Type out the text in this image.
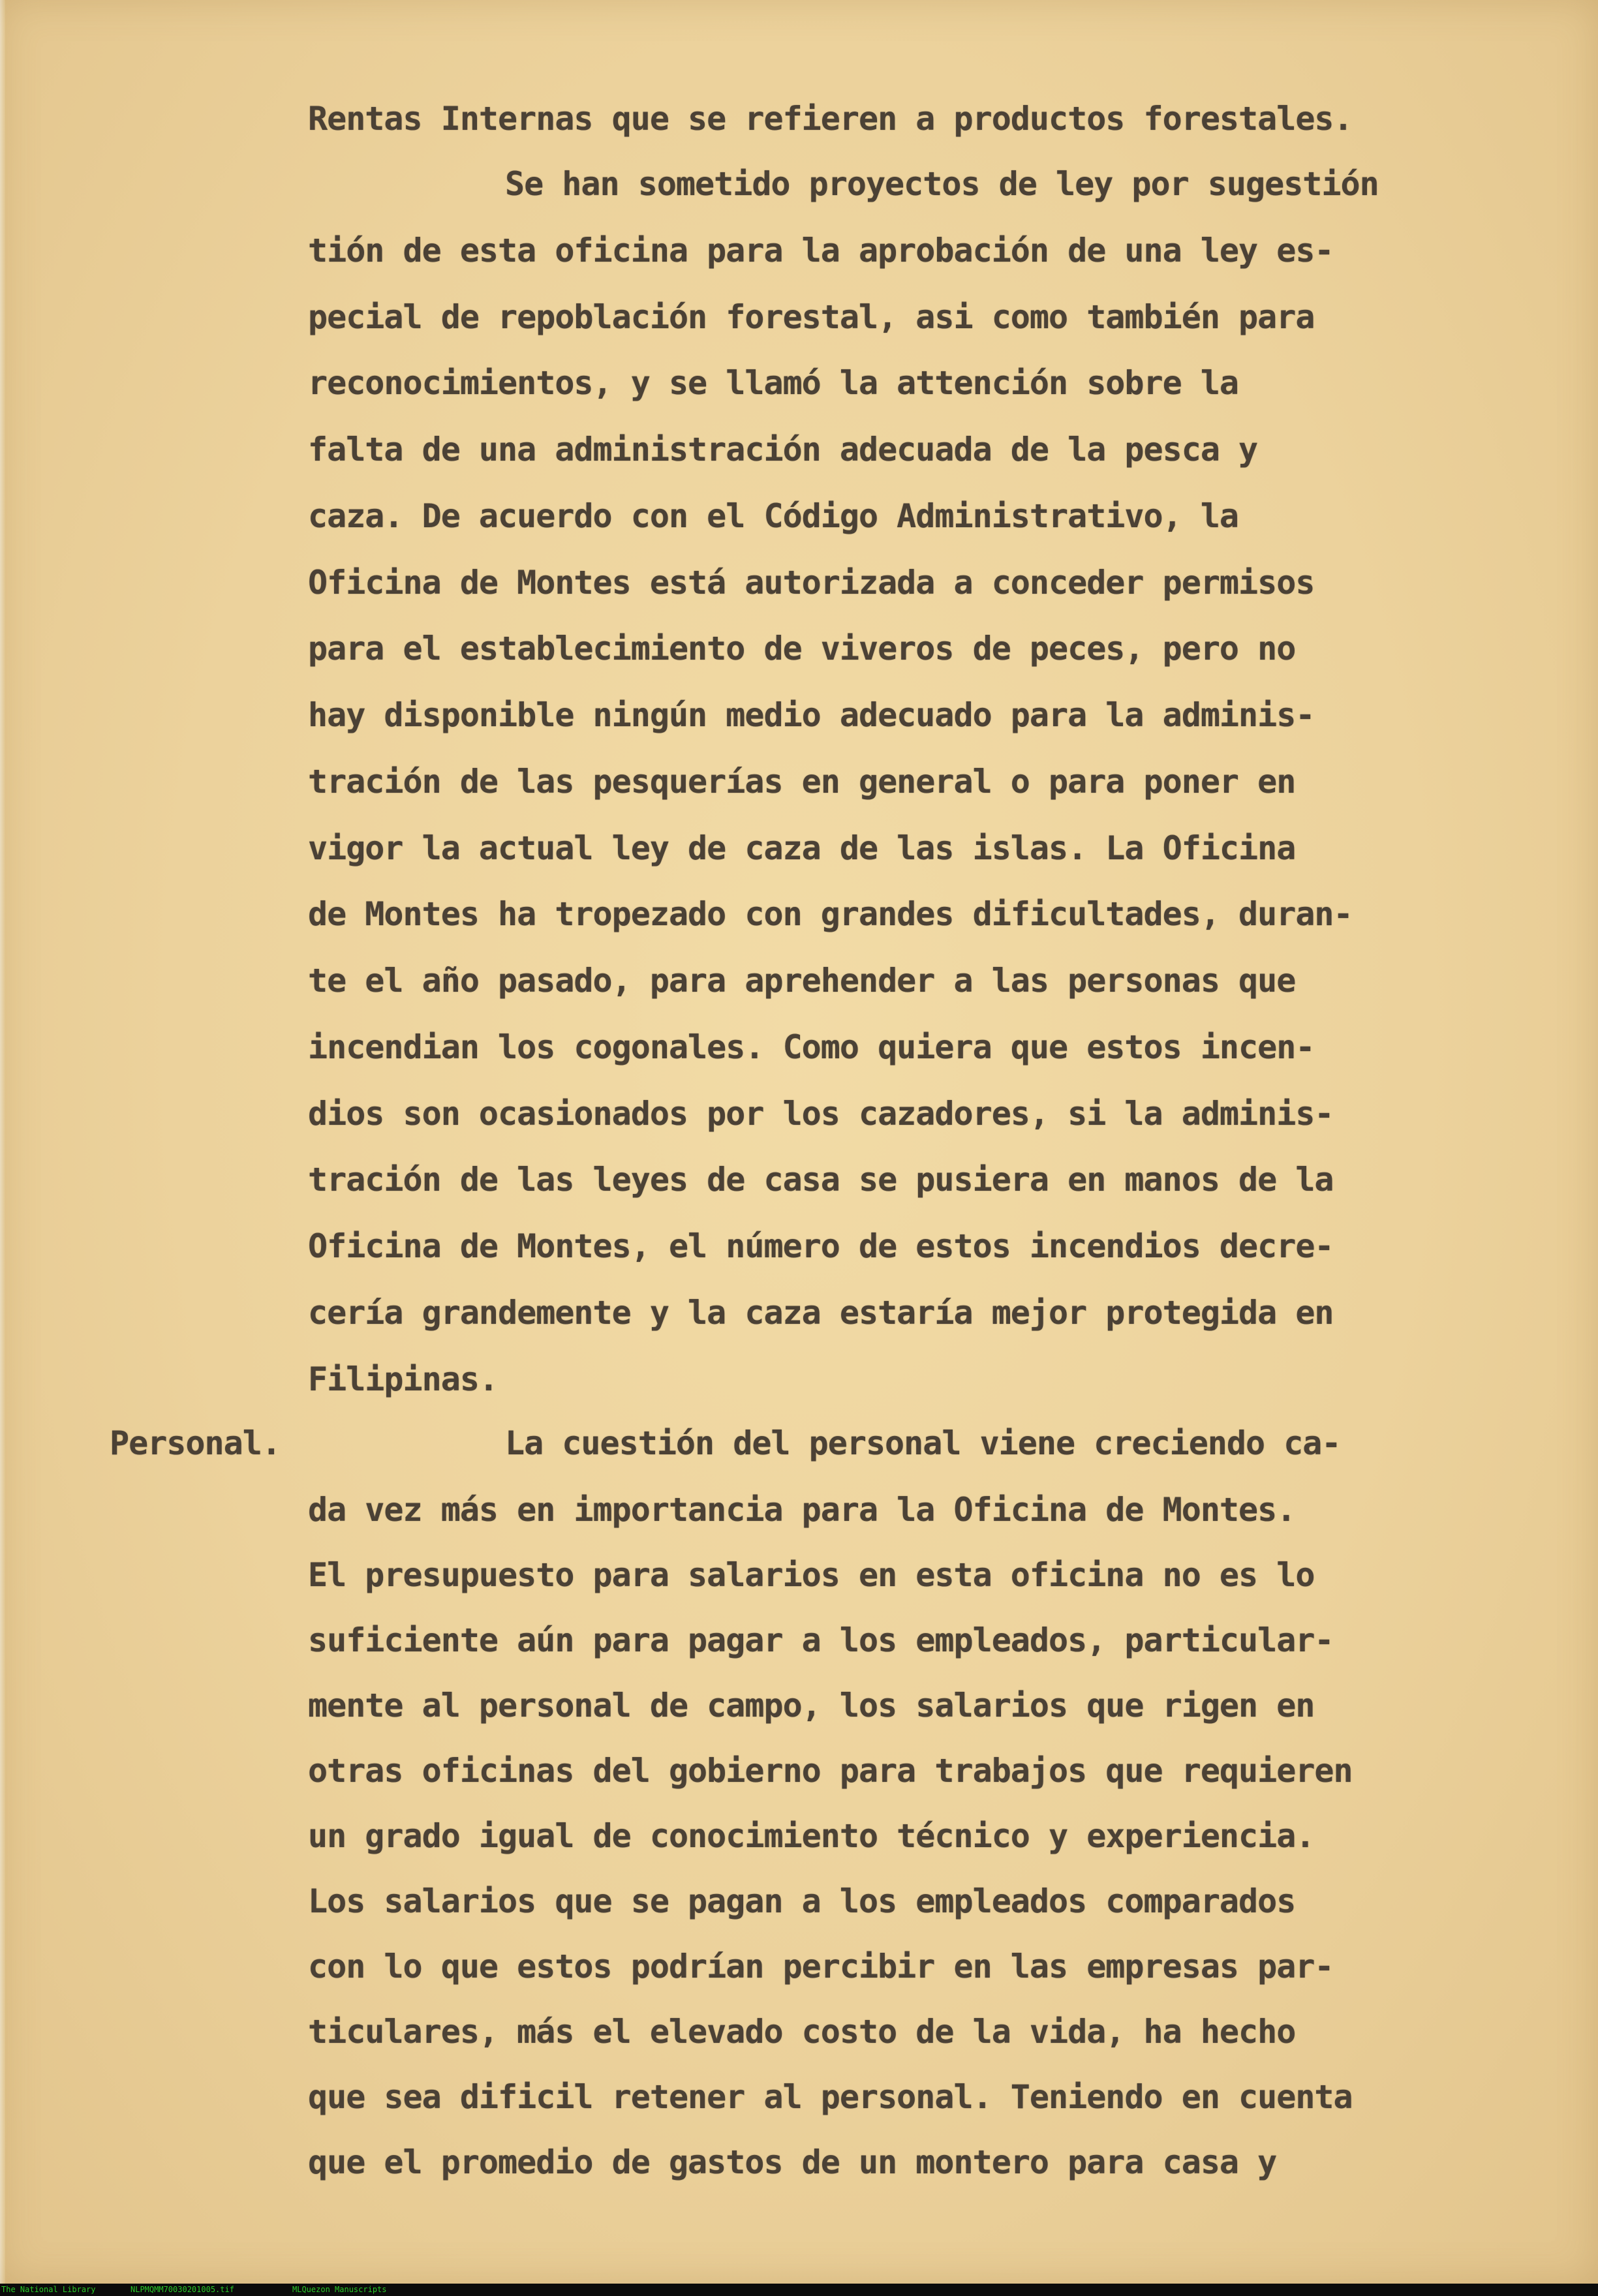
Personal.
Rentas Internas que se refieren a productos forestales.
Se han sometido proyectos de ley por sugestión
tión de esta oficina para la aprobación de una ley es-
pecial de repoblación forestal, asi como también para
reconocimientos, y se llamó la attención sobre la
falta de una administración adecuada de la pesca y
caza. De acuerdo con el Código Administrativo, la
Oficina de Montes está autorizada a conceder permisos
para el establecimiento de viveros de peces, pero no
hay disponible ningún medio adecuado para la adminis-
tración de las pesquerías en general o para poner en
vigor la actual ley de caza de las islas. La Oficina
de Montes ha tropezado con grandes dificultades, duran-
te el año pasado, para aprehender a las personas que
incendian los cogonales. Como quiera que estos incen-
dios son ocasionados por los cazadores, si la adminis-
tración de las leyes de casa se pusiera en manos de la
Oficina de Montes, el número de estos incendios decre-
cería grandemente y la caza estaría mejor protegida en
Filipinas.
La cuestión del personal viene creciendo ca-
da vez más en importancia para la Oficina de Montes.
El presupuesto para salarios en esta oficina no es lo
suficiente aún para pagar a los empleados, particular-
mente al personal de campo, los salarios que rigen en
otras oficinas del gobierno para trabajos que requieren
un grado igual de conocimiento técnico y experiencia.
Los salarios que se pagan a los empleados comparados
con lo que estos podrían percibir en las empresas par-
ticulares, más el elevado costo de la vida, ha hecho
que sea dificil retener al personal. Teniendo en cuenta
que el promedio de gastos de un montero para casa y
The National Library	NLPMQMM70030201005.tif	MLQuezon Manuscripts
